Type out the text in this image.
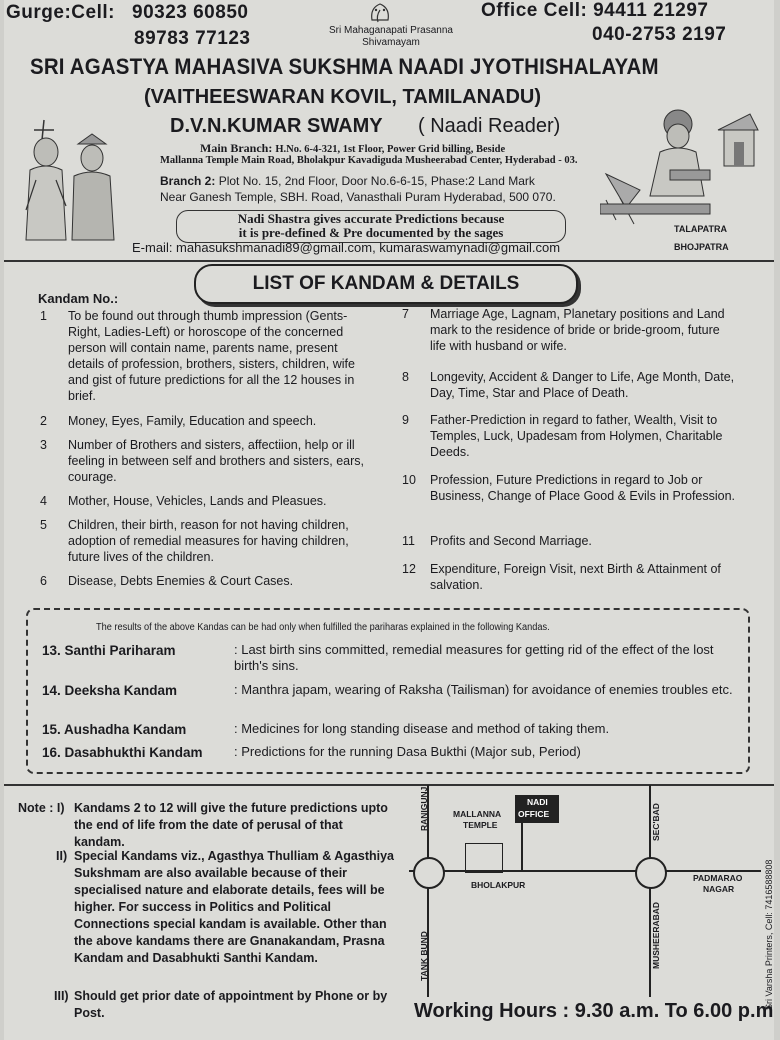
Gurge:Cell: 90323 60850
89783 77123	Sri Mahaganapati Prasanna
Shivamayam
Office Cell: 94411 21297
040-2753 2197
SRI AGASTYA MAHASIVA SUKSHMA NAADI JYOTHISHALAYAM
(VAITHEESWARAN KOVIL, TAMILANADU)
D.V.N.KUMAR SWAMY ( Naadi Reader)
Main Branch: H.No. 6-4-321, 1st Floor, Power Grid billing, Beside
Mallanna Temple Main Road, Bholakpur Kavadiguda Musheerabad Center, Hyderabad - 03.
Branch 2: Plot No. 15, 2nd Floor, Door No.6-6-15, Phase:2 Land Mark
Near Ganesh Temple, SBH. Road, Vanasthali Puram Hyderabad, 500 070.
Nadi Shastra gives accurate Predictions because
it is pre-defined & Pre documented by the sages
E-mail: mahasukshmanadi89@gmail.com, kumaraswamynadi@gmail.com
TALAPATRA
BHOJPATRA
LIST OF KANDAM & DETAILS
Kandam No.:
1 To be found out through thumb impression (Gents-Right, Ladies-Left) or horoscope of the concerned person will contain name, parents name, present details of profession, brothers, sisters, children, wife and gist of future predictions for all the 12 houses in brief.
2 Money, Eyes, Family, Education and speech.
3 Number of Brothers and sisters, affectiion, help or ill feeling in between self and brothers and sisters, ears, courage.
4 Mother, House, Vehicles, Lands and Pleasues.
5 Children, their birth, reason for not having children, adoption of remedial measures for having children, future lives of the children.
6 Disease, Debts Enemies & Court Cases.
7 Marriage Age, Lagnam, Planetary positions and Land mark to the residence of bride or bride-groom, future life with husband or wife.
8 Longevity, Accident & Danger to Life, Age Month, Date, Day, Time, Star and Place of Death.
9 Father-Prediction in regard to father, Wealth, Visit to Temples, Luck, Upadesam from Holymen, Charitable Deeds.
10 Profession, Future Predictions in regard to Job or Business, Change of Place Good & Evils in Profession.
11 Profits and Second Marriage.
12 Expenditure, Foreign Visit, next Birth & Attainment of salvation.
The results of the above Kandas can be had only when fulfilled the pariharas explained in the following Kandas.
13. Santhi Pariharam	: Last birth sins committed, remedial measures for getting rid of the effect of the lost birth's sins.
14. Deeksha Kandam	: Manthra japam, wearing of Raksha (Tailisman) for avoidance of enemies troubles etc.
15. Aushadha Kandam	: Medicines for long standing disease and method of taking them.
16. Dasabhukthi Kandam : Predictions for the running Dasa Bukthi (Major sub, Period)
Note : I) Kandams 2 to 12 will give the future predictions upto the end of life from the date of perusal of that kandam.
II) Special Kandams viz., Agasthya Thulliam & Agasthiya Sukshmam are also available because of their specialised nature and elaborate details, fees will be higher. For success in Politics and Political Connections special kandam is available. Other than the above kandams there are Gnanakandam, Prasna Kandam and Dasabhukti Santhi Kandam.
III) Should get prior date of appointment by Phone or by Post.
RANIGUNJ
TANK BUND
MALLANNA
TEMPLE
NADI
OFFICE
BHOLAKPUR
SEC'BAD
MUSHEERABAD
PADMARAO
NAGAR
Working Hours : 9.30 a.m. To 6.00 p.m
Sri Varsha Printers, Cell: 7416588808
